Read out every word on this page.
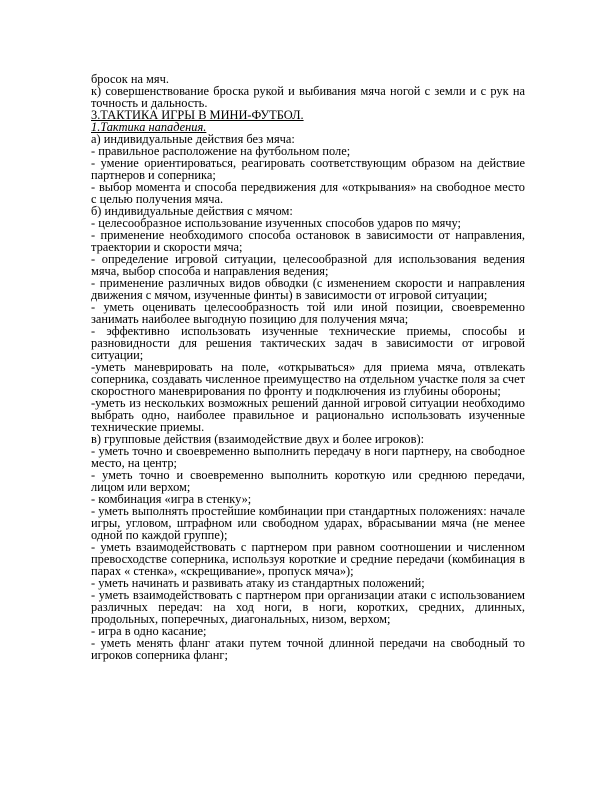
бросок на мяч.

к) совершенствование броска рукой и выбивания мяча ногой с земли и с рук на точность и дальность.

3.ТАКТИКА ИГРЫ В МИНИ-ФУТБОЛ.

1.Тактика нападения.

а) индивидуальные действия без мяча:

- правильное расположение на футбольном поле;

- умение ориентироваться, реагировать соответствующим образом на действие партнеров и соперника;

- выбор момента и способа передвижения для «открывания» на свободное место с целью получения мяча.

б) индивидуальные действия с мячом:

- целесообразное использование изученных способов ударов по мячу;

- применение необходимого способа остановок в зависимости от направления, траектории и скорости мяча;

- определение игровой ситуации, целесообразной для использования ведения мяча, выбор способа и направления ведения;

- применение различных видов обводки (с изменением скорости и направления движения с мячом, изученные финты) в зависимости от игровой ситуации;

- уметь оценивать целесообразность той или иной позиции, своевременно занимать наиболее выгодную позицию для получения мяча;

- эффективно использовать изученные технические приемы, способы и разновидности для решения тактических задач в зависимости от игровой ситуации;

-уметь маневрировать на поле, «открываться» для приема мяча, отвлекать соперника, создавать численное преимущество на отдельном участке поля за счет скоростного маневрирования по фронту и подключения из глубины обороны;

-уметь из нескольких возможных решений данной игровой ситуации необходимо выбрать одно, наиболее правильное и рационально использовать изученные технические приемы.

в) групповые действия (взаимодействие двух и более игроков):

- уметь точно и своевременно выполнить передачу в ноги партнеру, на свободное место, на центр;

- уметь точно и своевременно выполнить короткую или среднюю передачи, лицом или верхом;

- комбинация «игра в стенку»;

- уметь выполнять простейшие комбинации при стандартных положениях: начале игры, угловом, штрафном или свободном ударах, вбрасывании мяча (не менее одной по каждой группе);

- уметь взаимодействовать с партнером при равном соотношении и численном превосходстве соперника, используя короткие и средние передачи (комбинация в парах « стенка», «скрещивание», пропуск мяча»);

- уметь начинать и развивать атаку из стандартных положений;

- уметь взаимодействовать с партнером при организации атаки с использованием различных передач: на ход ноги, в ноги, коротких, средних, длинных, продольных, поперечных, диагональных, низом, верхом;

- игра в одно касание;

- уметь менять фланг атаки путем точной длинной передачи на свободный то игроков соперника фланг;
